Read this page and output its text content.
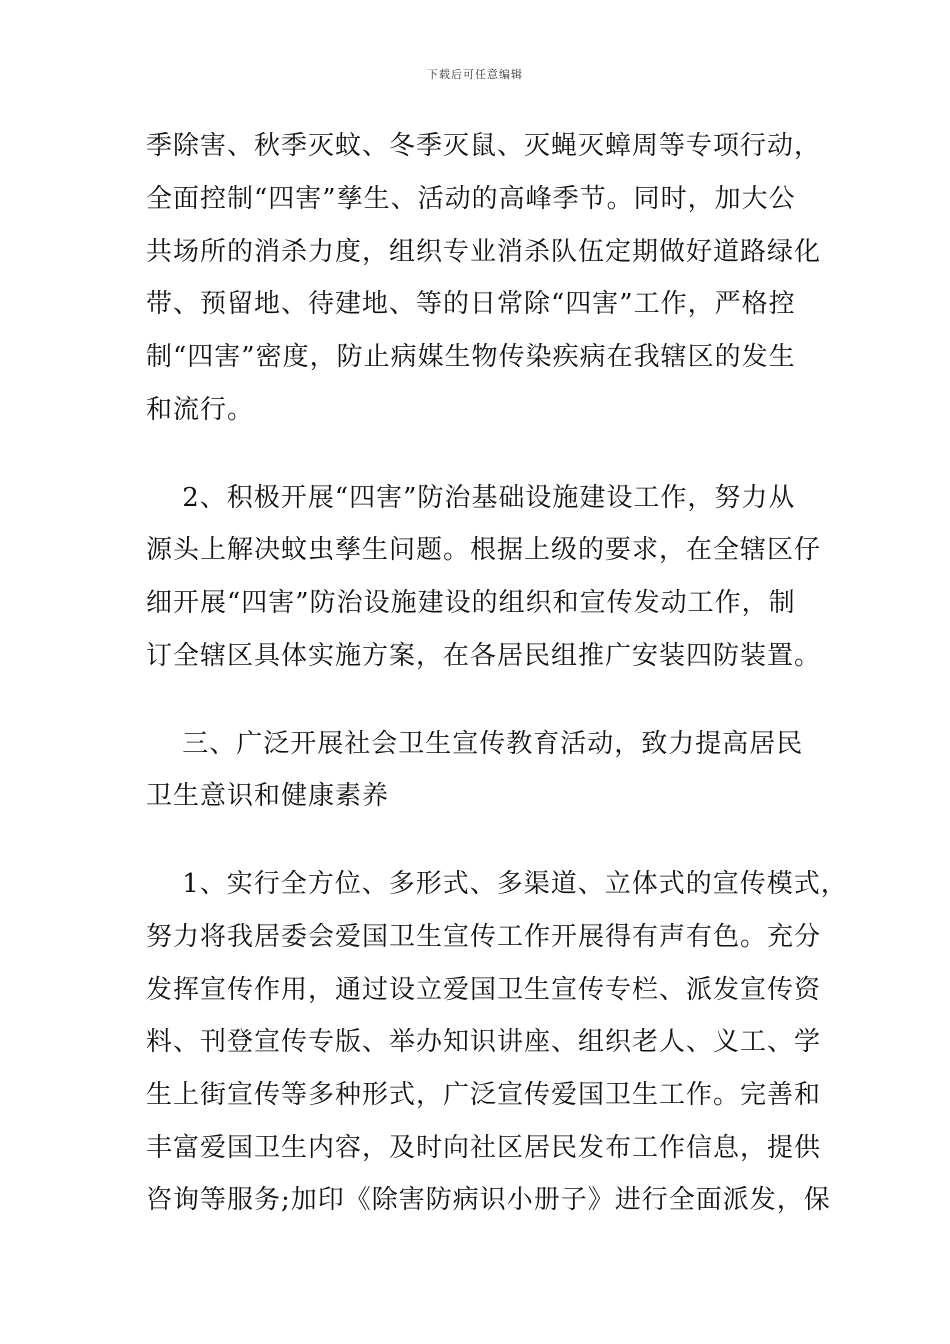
下载后可任意编辑
季除害、秋季灭蚊、冬季灭鼠、灭蝇灭蟑周等专项行动，
全面控制“四害”孳生、活动的高峰季节。同时，加大公
共场所的消杀力度，组织专业消杀队伍定期做好道路绿化
带、预留地、待建地、等的日常除“四害”工作，严格控
制“四害”密度，防止病媒生物传染疾病在我辖区的发生
和流行。
　 2、积极开展“四害”防治基础设施建设工作，努力从
源头上解决蚊虫孳生问题。根据上级的要求，在全辖区仔
细开展“四害”防治设施建设的组织和宣传发动工作，制
订全辖区具体实施方案，在各居民组推广安装四防装置。
　 三、广泛开展社会卫生宣传教育活动，致力提高居民
卫生意识和健康素养
　 1、实行全方位、多形式、多渠道、立体式的宣传模式，
努力将我居委会爱国卫生宣传工作开展得有声有色。充分
发挥宣传作用，通过设立爱国卫生宣传专栏、派发宣传资
料、刊登宣传专版、举办知识讲座、组织老人、义工、学
生上街宣传等多种形式，广泛宣传爱国卫生工作。完善和
丰富爱国卫生内容，及时向社区居民发布工作信息，提供
咨询等服务;加印《除害防病识小册子》进行全面派发，保
